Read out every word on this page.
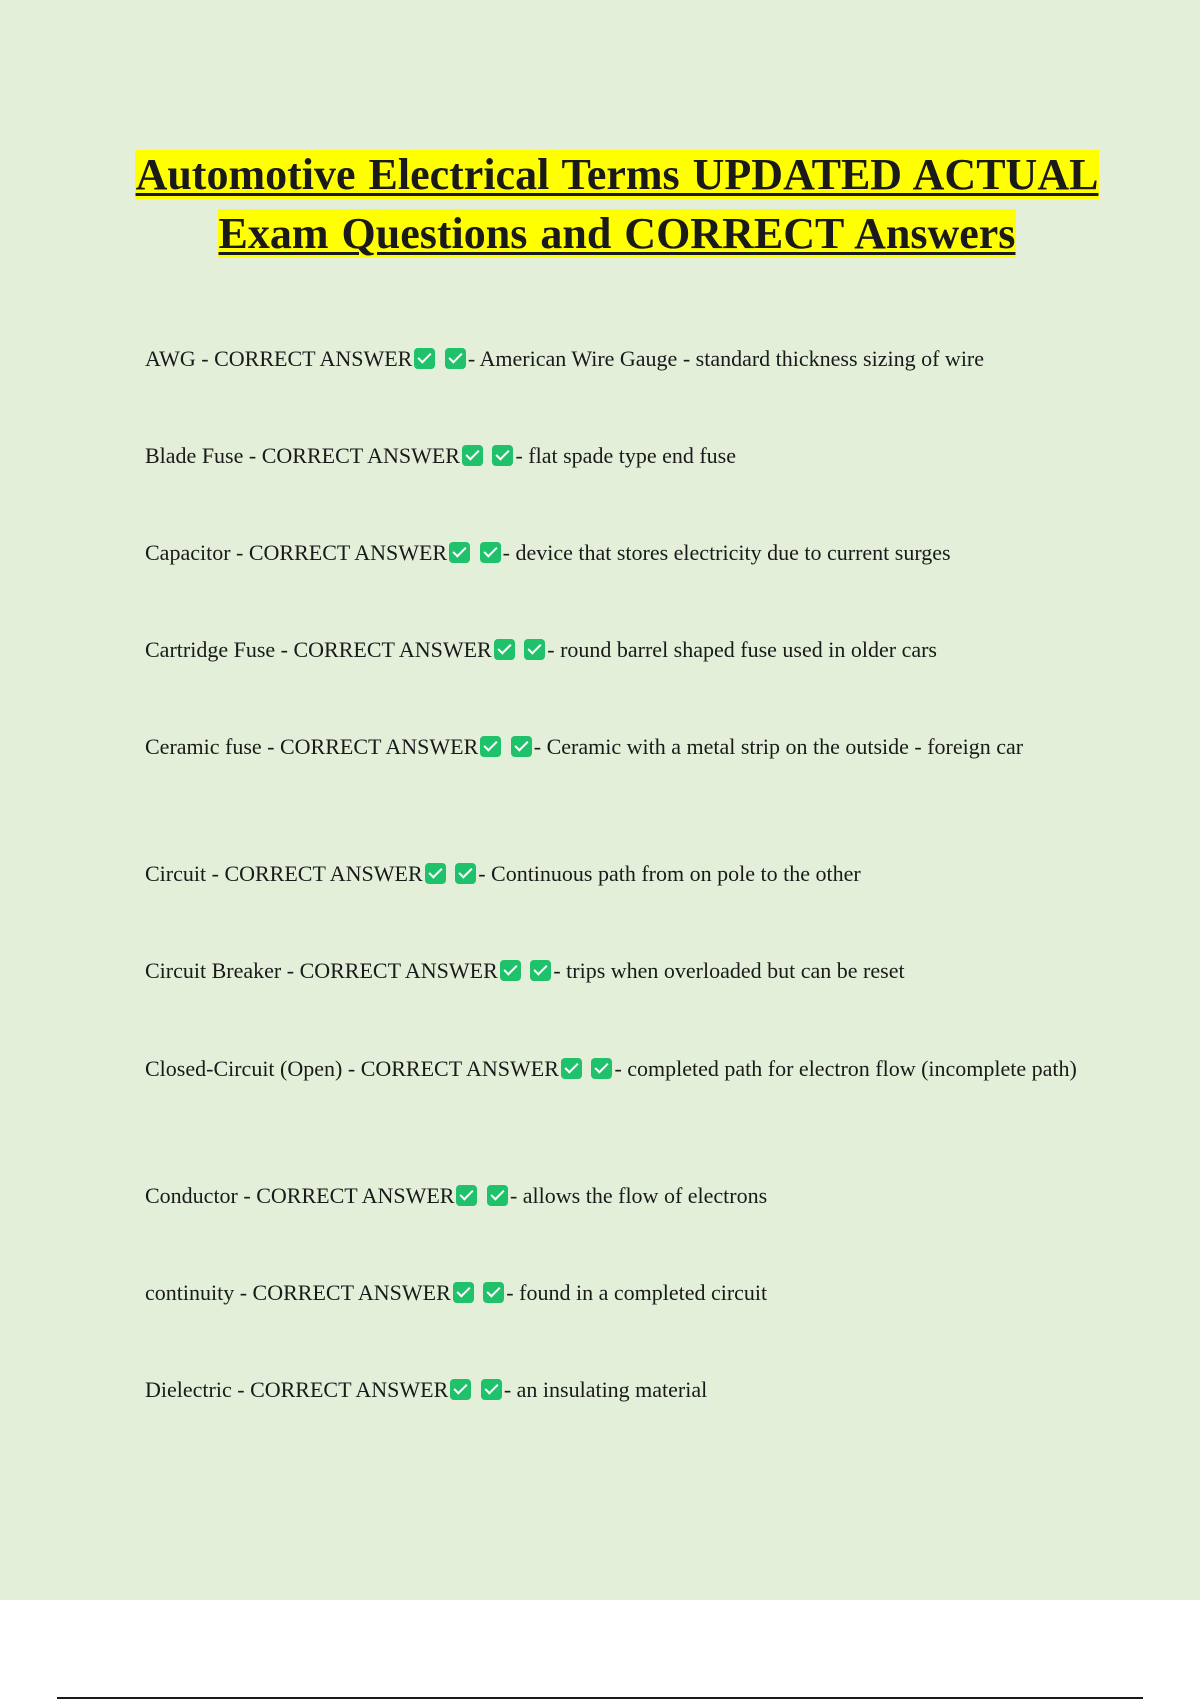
Automotive Electrical Terms UPDATED ACTUAL Exam Questions and CORRECT Answers

AWG - CORRECT ANSWER	- American Wire Gauge - standard thickness sizing of wire

Blade Fuse - CORRECT ANSWER	- flat spade type end fuse

Capacitor - CORRECT ANSWER	- device that stores electricity due to current surges

Cartridge Fuse - CORRECT ANSWER	- round barrel shaped fuse used in older cars

Ceramic fuse - CORRECT ANSWER	- Ceramic with a metal strip on the outside - foreign car

Circuit - CORRECT ANSWER	- Continuous path from on pole to the other

Circuit Breaker - CORRECT ANSWER	- trips when overloaded but can be reset

Closed-Circuit (Open) - CORRECT ANSWER	- completed path for electron flow (incomplete path)

Conductor - CORRECT ANSWER	- allows the flow of electrons

continuity - CORRECT ANSWER	- found in a completed circuit

Dielectric - CORRECT ANSWER	- an insulating material
